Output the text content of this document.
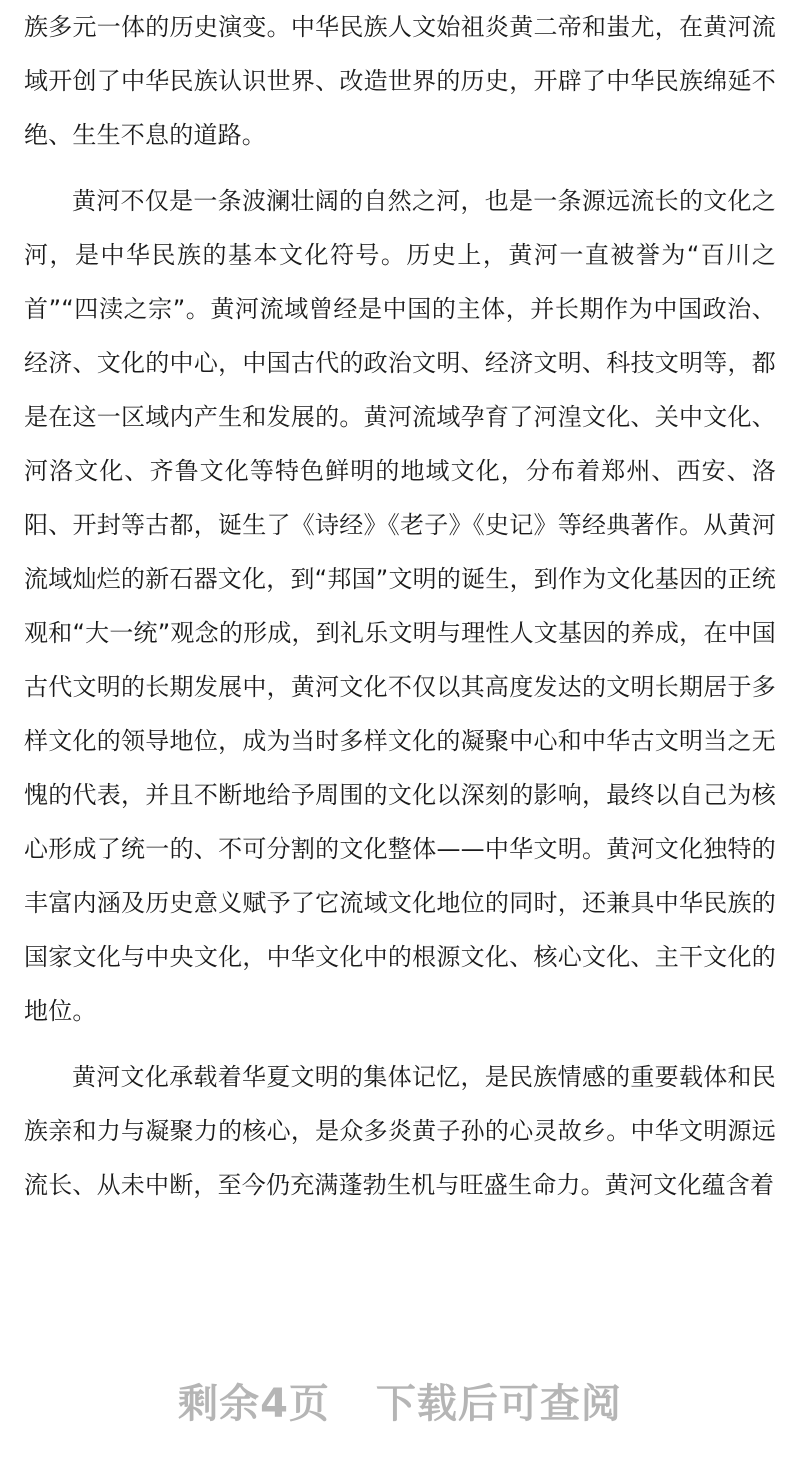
族多元一体的历史演变。中华民族人文始祖炎黄二帝和蚩尤，在黄河流域开创了中华民族认识世界、改造世界的历史，开辟了中华民族绵延不绝、生生不息的道路。

黄河不仅是一条波澜壮阔的自然之河，也是一条源远流长的文化之河，是中华民族的基本文化符号。历史上，黄河一直被誉为“百川之首”“四渎之宗”。黄河流域曾经是中国的主体，并长期作为中国政治、经济、文化的中心，中国古代的政治文明、经济文明、科技文明等，都是在这一区域内产生和发展的。黄河流域孕育了河湟文化、关中文化、河洛文化、齐鲁文化等特色鲜明的地域文化，分布着郑州、西安、洛阳、开封等古都，诞生了《诗经》《老子》《史记》等经典著作。从黄河流域灿烂的新石器文化，到“邦国”文明的诞生，到作为文化基因的正统观和“大一统”观念的形成，到礼乐文明与理性人文基因的养成，在中国古代文明的长期发展中，黄河文化不仅以其高度发达的文明长期居于多样文化的领导地位，成为当时多样文化的凝聚中心和中华古文明当之无愧的代表，并且不断地给予周围的文化以深刻的影响，最终以自己为核心形成了统一的、不可分割的文化整体——中华文明。黄河文化独特的丰富内涵及历史意义赋予了它流域文化地位的同时，还兼具中华民族的国家文化与中央文化，中华文化中的根源文化、核心文化、主干文化的地位。

黄河文化承载着华夏文明的集体记忆，是民族情感的重要载体和民族亲和力与凝聚力的核心，是众多炎黄子孙的心灵故乡。中华文明源远流长、从未中断，至今仍充满蓬勃生机与旺盛生命力。黄河文化蕴含着

剩余4页 下载后可查阅
